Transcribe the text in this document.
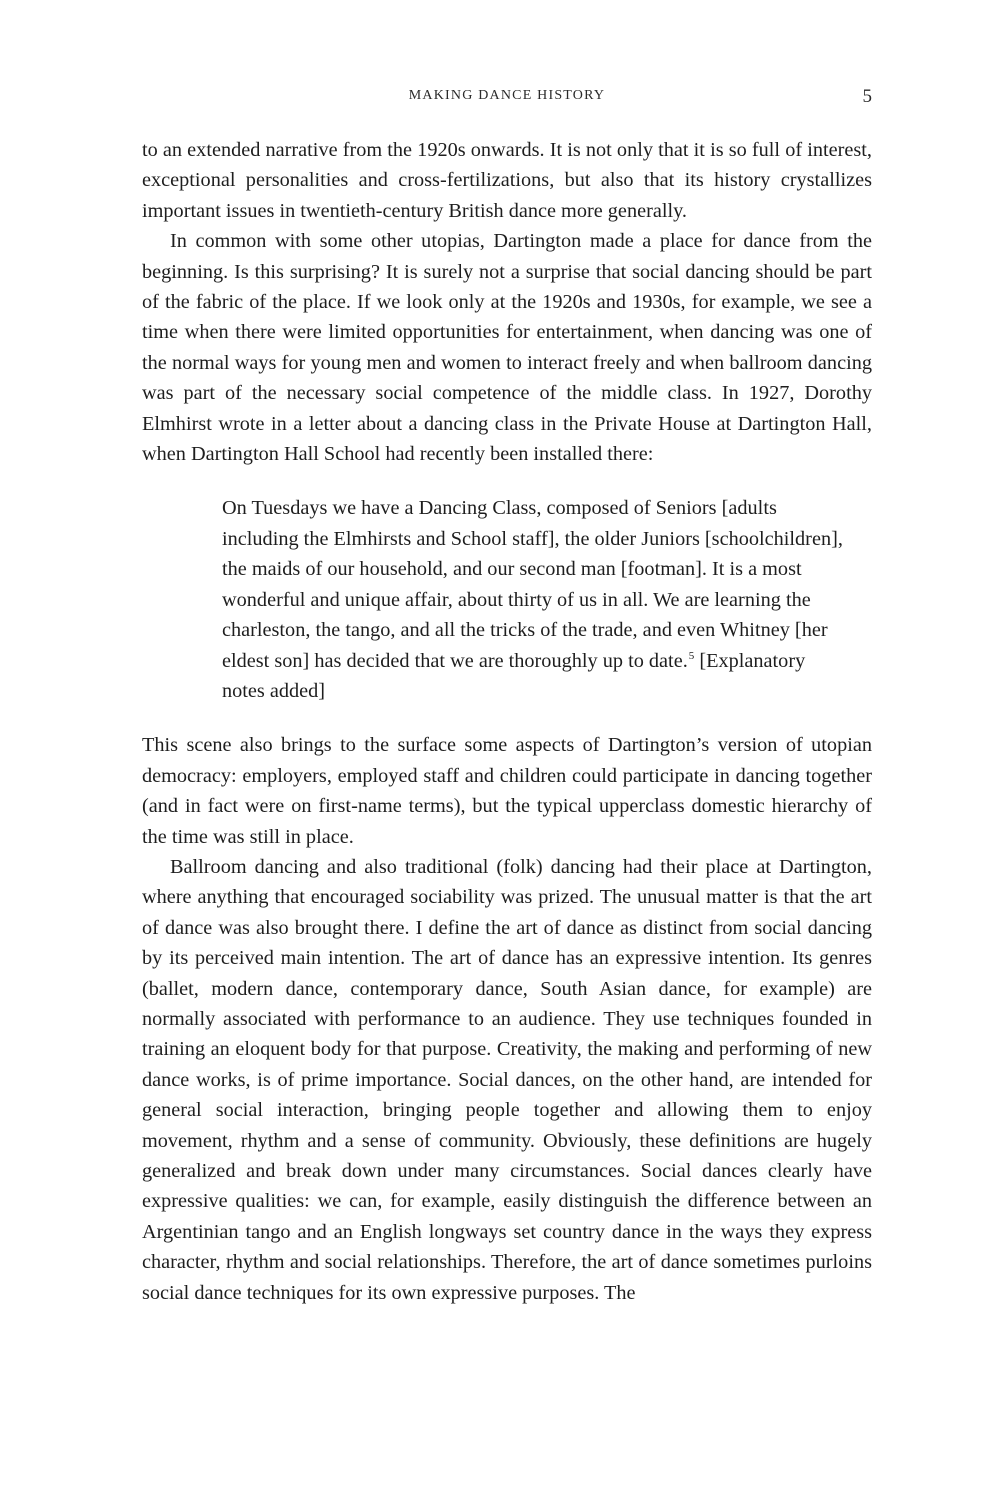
MAKING DANCE HISTORY	5

to an extended narrative from the 1920s onwards. It is not only that it is so full of interest, exceptional personalities and cross-fertilizations, but also that its history crystallizes important issues in twentieth-century British dance more generally.

In common with some other utopias, Dartington made a place for dance from the beginning. Is this surprising? It is surely not a surprise that social dancing should be part of the fabric of the place. If we look only at the 1920s and 1930s, for example, we see a time when there were limited opportunities for entertainment, when dancing was one of the normal ways for young men and women to interact freely and when ballroom dancing was part of the necessary social competence of the middle class. In 1927, Dorothy Elmhirst wrote in a letter about a dancing class in the Private House at Dartington Hall, when Dartington Hall School had recently been installed there:

On Tuesdays we have a Dancing Class, composed of Seniors [adults including the Elmhirsts and School staff], the older Juniors [schoolchildren], the maids of our household, and our second man [footman]. It is a most wonderful and unique affair, about thirty of us in all. We are learning the charleston, the tango, and all the tricks of the trade, and even Whitney [her eldest son] has decided that we are thoroughly up to date.$^5$ [Explanatory notes added]

This scene also brings to the surface some aspects of Dartington’s version of utopian democracy: employers, employed staff and children could participate in dancing together (and in fact were on first-name terms), but the typical upperclass domestic hierarchy of the time was still in place.

Ballroom dancing and also traditional (folk) dancing had their place at Dartington, where anything that encouraged sociability was prized. The unusual matter is that the art of dance was also brought there. I define the art of dance as distinct from social dancing by its perceived main intention. The art of dance has an expressive intention. Its genres (ballet, modern dance, contemporary dance, South Asian dance, for example) are normally associated with performance to an audience. They use techniques founded in training an eloquent body for that purpose. Creativity, the making and performing of new dance works, is of prime importance. Social dances, on the other hand, are intended for general social interaction, bringing people together and allowing them to enjoy movement, rhythm and a sense of community. Obviously, these definitions are hugely generalized and break down under many circumstances. Social dances clearly have expressive qualities: we can, for example, easily distinguish the difference between an Argentinian tango and an English longways set country dance in the ways they express character, rhythm and social relationships. Therefore, the art of dance sometimes purloins social dance techniques for its own expressive purposes. The
